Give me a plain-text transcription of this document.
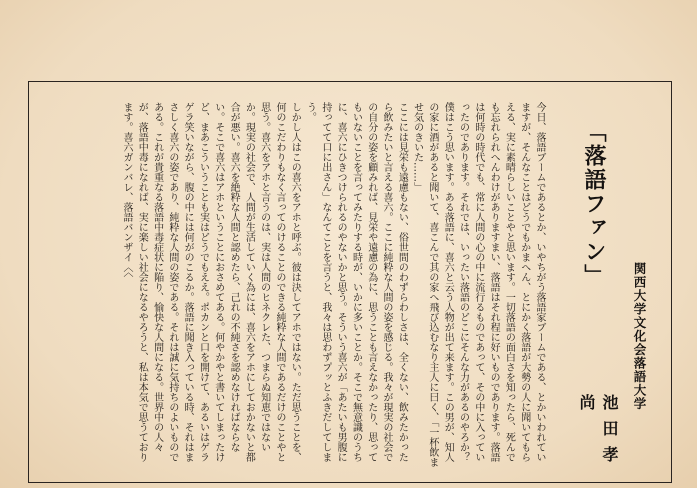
「落語ファン」
関西大学文化会落語大学
池田孝尚

今日、落語ブームであるとか、いやちがう落語家ブームである、とかいわれていますが、そんなことはどうでもかまへん、とにかく落語が大勢の人に聞いてもらえる、実に素晴らしいことやと思います。一切落語の面白さを知ったら、死んでも忘れられへんわけがありますまい、落語はそれ程に好いものであります。落語は何時の時代でも、常に人間の心の中に流行るものであって、その中に入っていったのであります。それでは、いったい落語のどこにそんな力があるのやろか？僕はこう思います。ある落語に、喜六と云う人物が出て来ます。この男が、知人の家に酒があると聞いて、喜こんで其の家へ飛び込むなり主人に曰く、「一杯飲ませ気のきいた……」

ここには見栄も遠慮もない、俗世間のわずらわしさは、全くない、飲みたかったら飲みたいと言える喜六。ここに純粋な人間の姿を感じる。我々が現実の社会での自分の姿を顧みれば、見栄や遠慮の為に、思うことも言えなかったり、思ってもいないことを言ってみたりする時が、いかに多いことか。そこで無意識のうちに、喜六にひきつけられるのやないかと思う。そういう喜六が「あたいも男腹に持ってて口に出さん」なんてことを言うと、我々は思わずプッとふきだしてしまう。

しかし人はこの喜六をアホと呼ぶ。彼は決してアホではない。ただ思うことを、何のこだわりもなく言ってのけることのできる純粋な人間であるだけのことやと思う。喜六をアホと言うのは、実は人間のヒネクレた、つまらぬ知恵ではないか。現実の社会で、人間が生活していく為には、喜六をアホにしておかないと都合が悪い。喜六を絶粋な人間と認めたら、己れの不純さを認めなければならない。そこで喜六はアホということにおさめてある。何やかやと書いてしまったけど、まあこういうことも実はどうでもええ。ポカンと口を開けて、あるいはゲラゲラ笑いながら、腹の中には何がのこるか。落語に聞き入っている時、それはまさしく喜六の姿であり、純粋な人間の姿である。それは誠に気持ちのよいものである。これが貴重なる落語中毒症状に陥り、愉快な人間になる。世界中の人々が、落語中毒になれば、実に楽しい社会になるやろうと、私は本気で思うております。喜六ガンバレ、落語バンザイ〈〈
